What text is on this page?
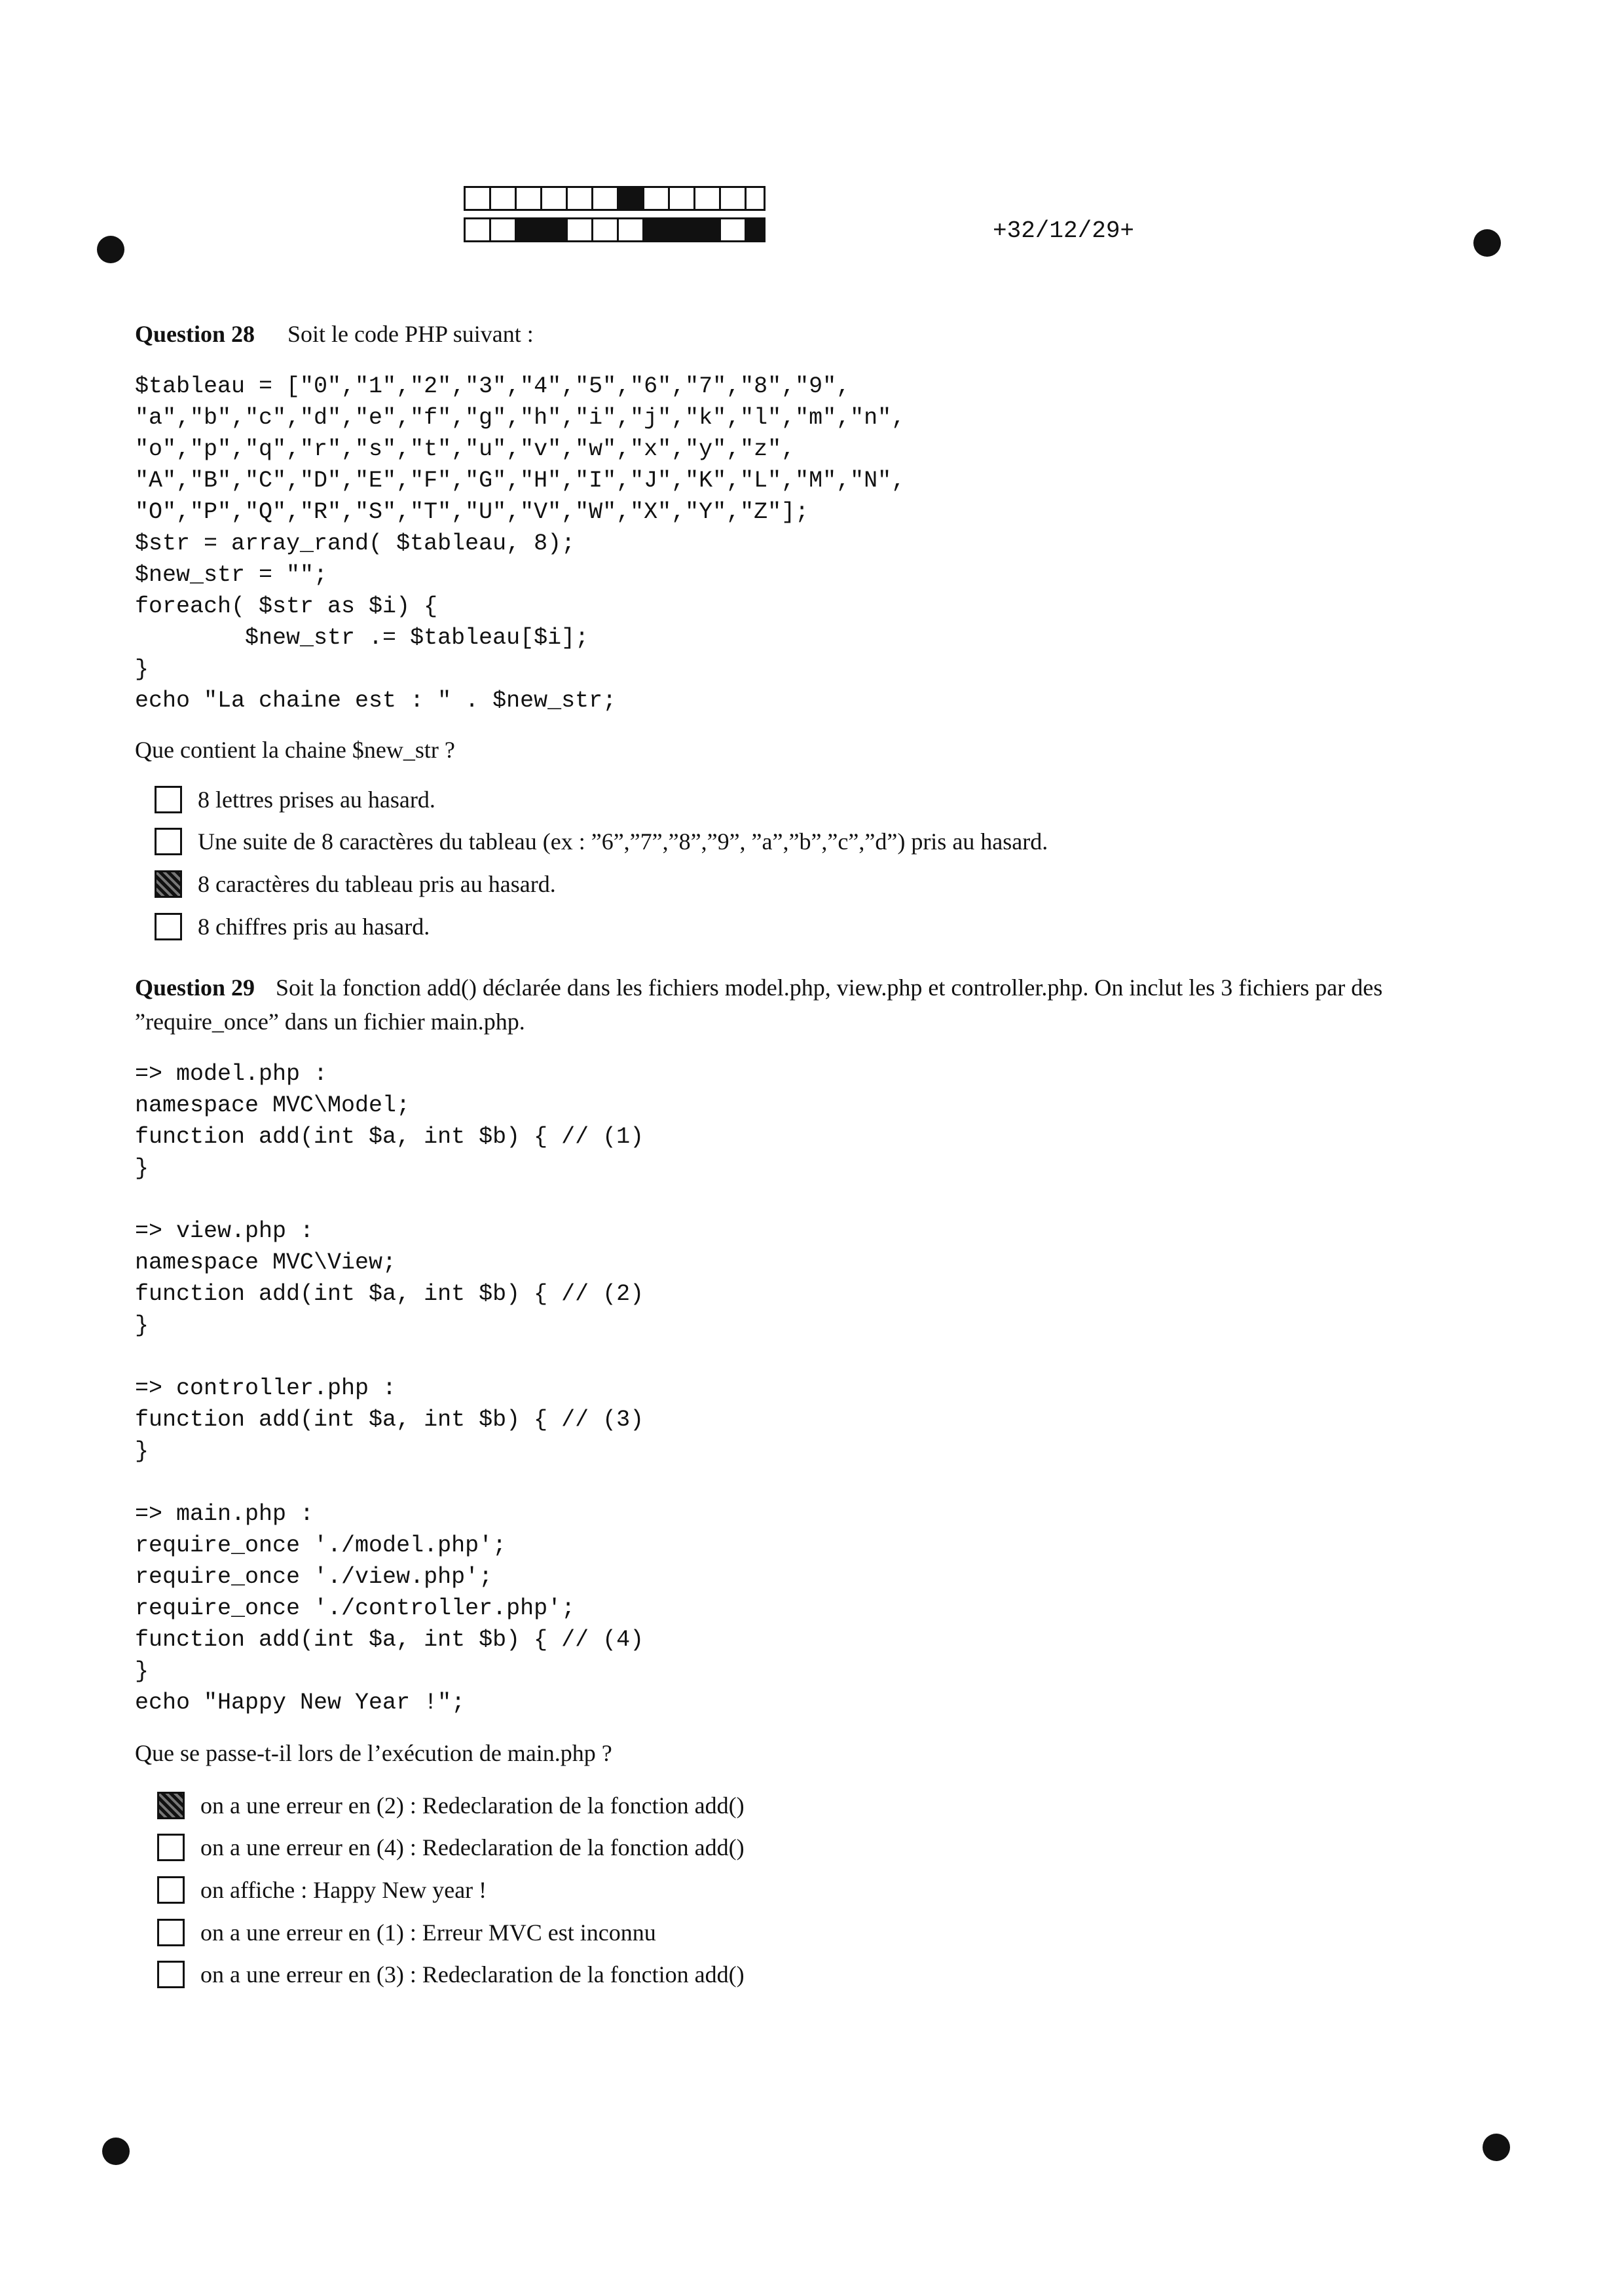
+32/12/29+
Question 28 Soit le code PHP suivant :
$tableau = ["0","1","2","3","4","5","6","7","8","9",
"a","b","c","d","e","f","g","h","i","j","k","l","m","n",
"o","p","q","r","s","t","u","v","w","x","y","z",
"A","B","C","D","E","F","G","H","I","J","K","L","M","N",
"O","P","Q","R","S","T","U","V","W","X","Y","Z"];
$str = array_rand( $tableau, 8);
$new_str = "";
foreach( $str as $i) {
$new_str .= $tableau[$i];
}
echo "La chaine est : " . $new_str;
Que contient la chaine $new_str ?
8 lettres prises au hasard.
Une suite de 8 caractères du tableau (ex : ”6”,”7”,”8”,”9”, ”a”,”b”,”c”,”d”) pris au hasard.
8 caractères du tableau pris au hasard.
8 chiffres pris au hasard.
Question 29 Soit la fonction add() déclarée dans les fichiers model.php, view.php et controller.php. On inclut les 3 fichiers par des ”require_once” dans un fichier main.php.
=> model.php :
namespace MVC\Model;
function add(int $a, int $b) { // (1)
}

=> view.php :
namespace MVC\View;
function add(int $a, int $b) { // (2)
}

=> controller.php :
function add(int $a, int $b) { // (3)
}

=> main.php :
require_once './model.php';
require_once './view.php';
require_once './controller.php';
function add(int $a, int $b) { // (4)
}
echo "Happy New Year !";
Que se passe-t-il lors de l’exécution de main.php ?
on a une erreur en (2) : Redeclaration de la fonction add()
on a une erreur en (4) : Redeclaration de la fonction add()
on affiche : Happy New year !
on a une erreur en (1) : Erreur MVC est inconnu
on a une erreur en (3) : Redeclaration de la fonction add()
